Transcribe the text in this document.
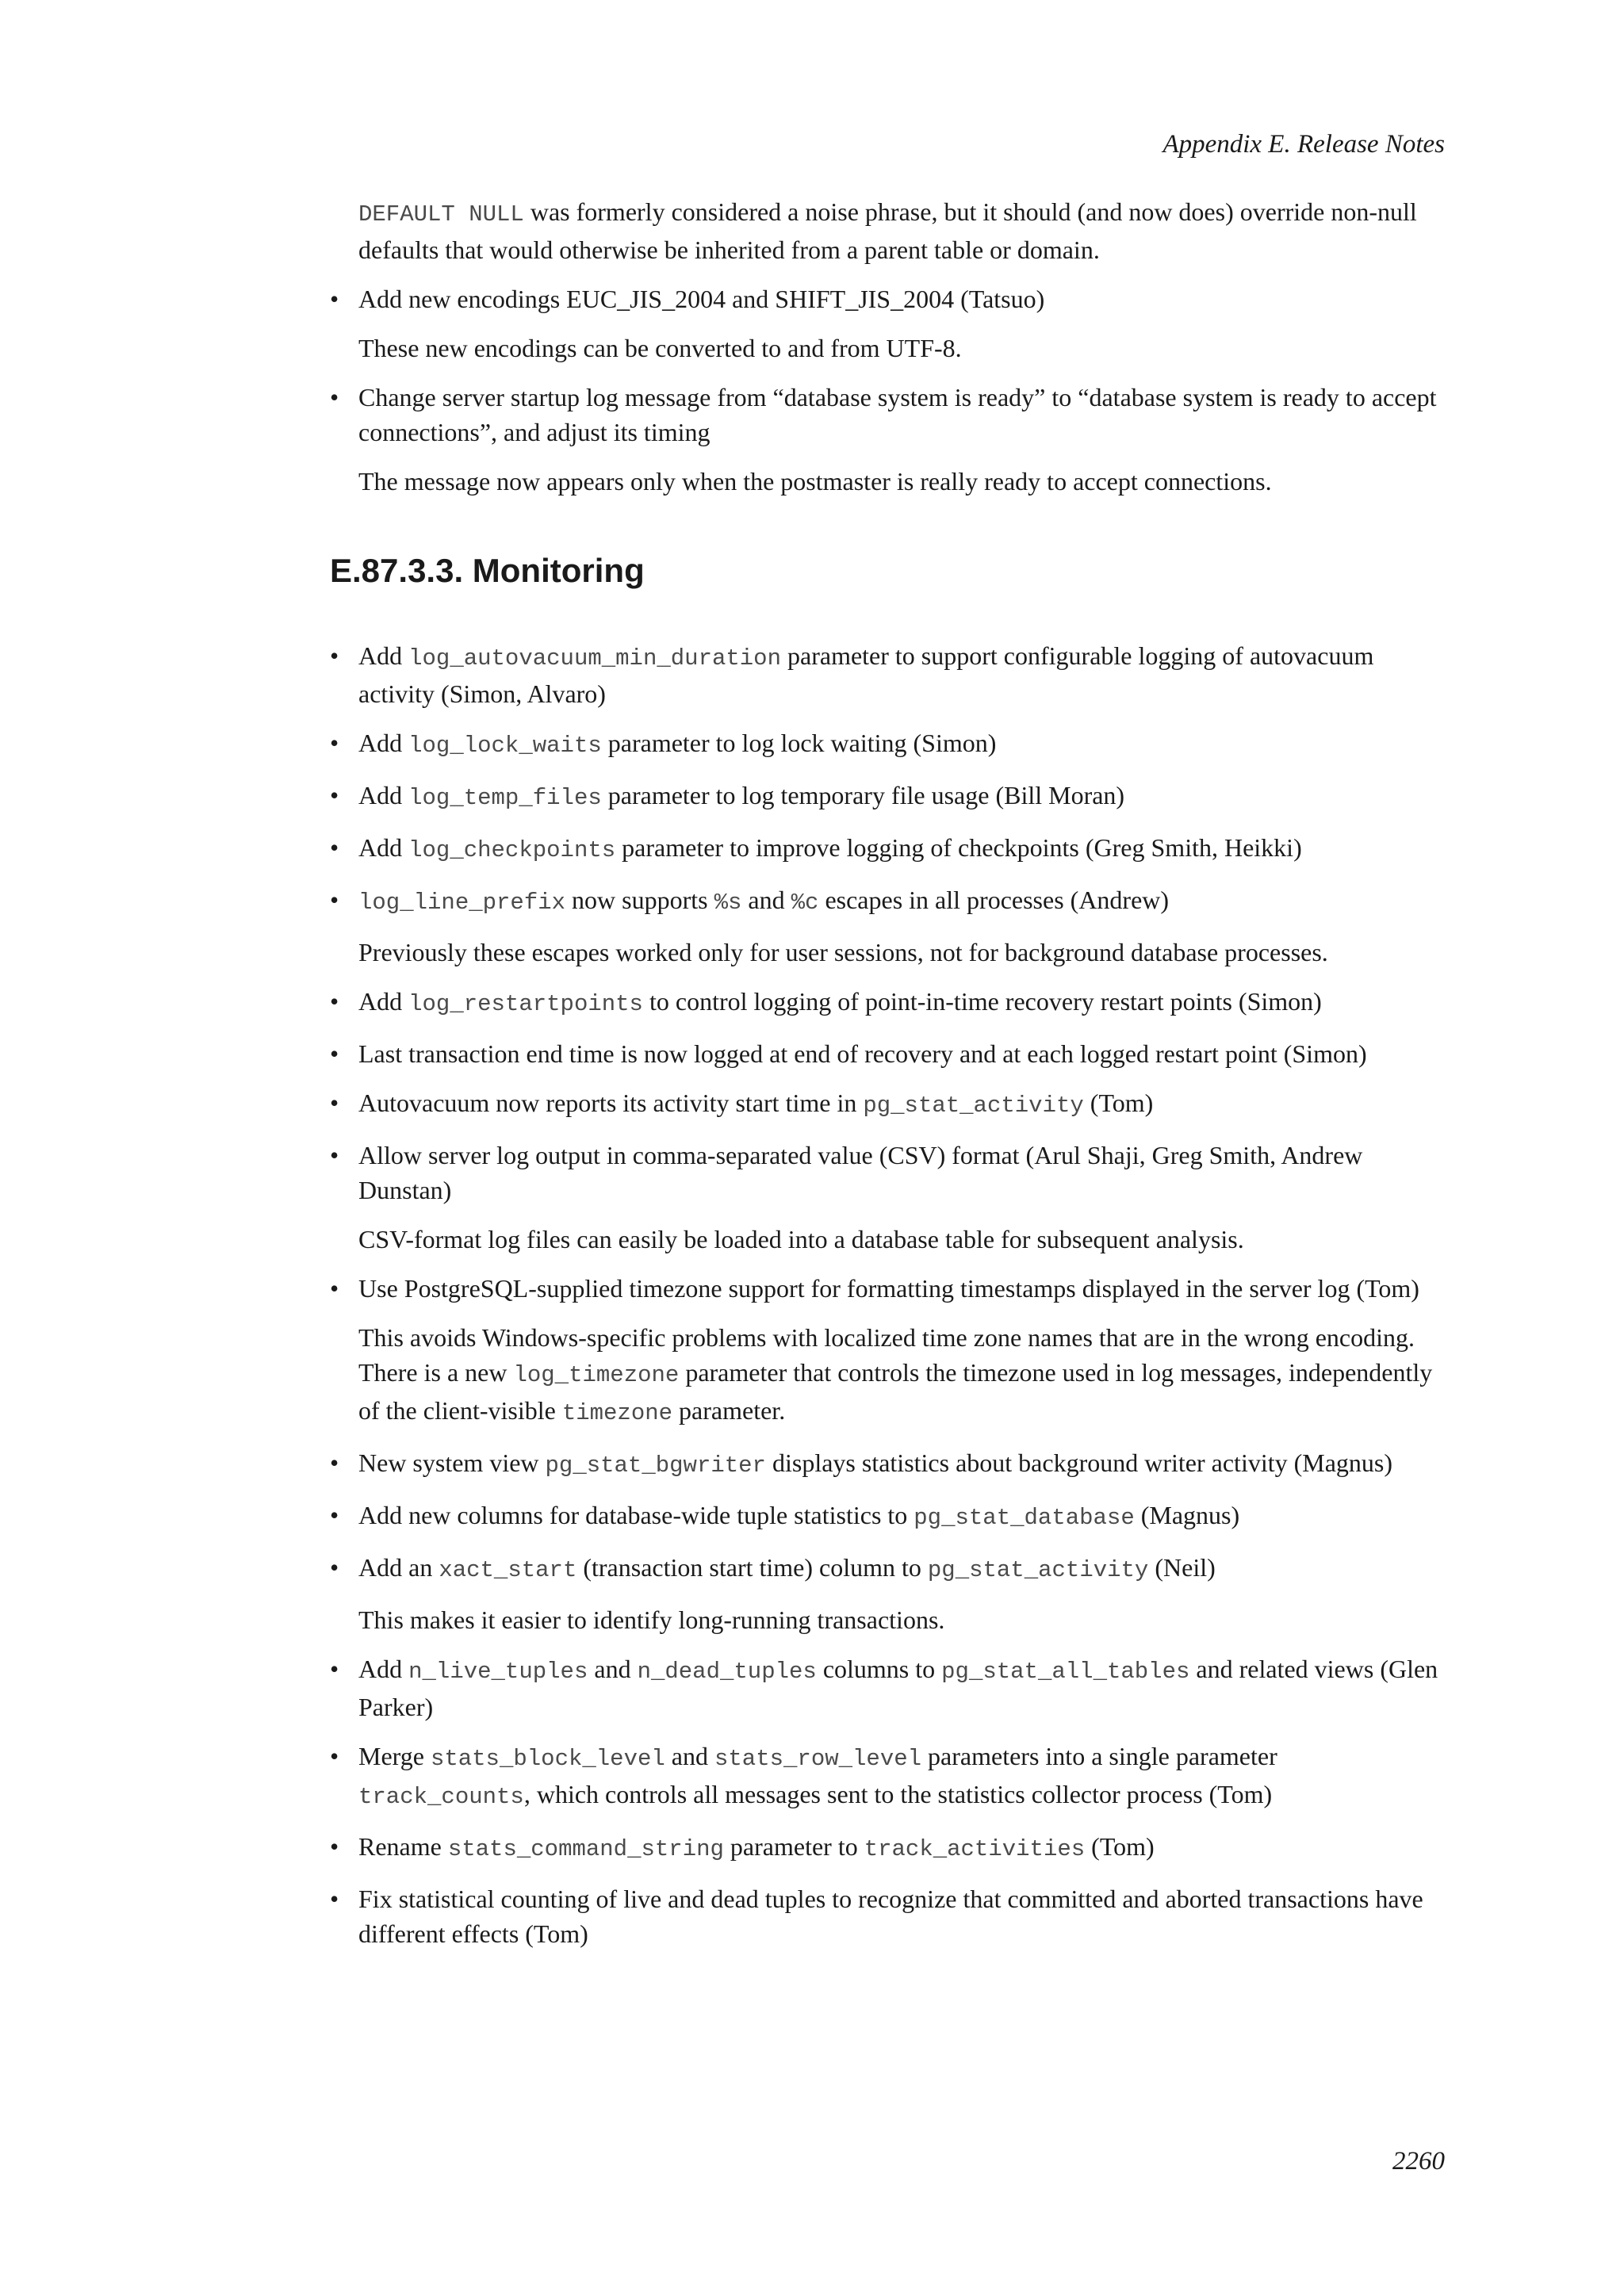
Appendix E. Release Notes

DEFAULT NULL was formerly considered a noise phrase, but it should (and now does) override non-null defaults that would otherwise be inherited from a parent table or domain.

• Add new encodings EUC_JIS_2004 and SHIFT_JIS_2004 (Tatsuo)

These new encodings can be converted to and from UTF-8.

• Change server startup log message from “database system is ready” to “database system is ready to accept connections”, and adjust its timing

The message now appears only when the postmaster is really ready to accept connections.

E.87.3.3. Monitoring
• Add log_autovacuum_min_duration parameter to support configurable logging of autovacuum activity (Simon, Alvaro)

• Add log_lock_waits parameter to log lock waiting (Simon)

• Add log_temp_files parameter to log temporary file usage (Bill Moran)

• Add log_checkpoints parameter to improve logging of checkpoints (Greg Smith, Heikki)

• log_line_prefix now supports %s and %c escapes in all processes (Andrew)

Previously these escapes worked only for user sessions, not for background database processes.

• Add log_restartpoints to control logging of point-in-time recovery restart points (Simon)

• Last transaction end time is now logged at end of recovery and at each logged restart point (Simon)

• Autovacuum now reports its activity start time in pg_stat_activity (Tom)

• Allow server log output in comma-separated value (CSV) format (Arul Shaji, Greg Smith, Andrew Dunstan)

CSV-format log files can easily be loaded into a database table for subsequent analysis.

• Use PostgreSQL-supplied timezone support for formatting timestamps displayed in the server log (Tom)

This avoids Windows-specific problems with localized time zone names that are in the wrong encoding. There is a new log_timezone parameter that controls the timezone used in log messages, independently of the client-visible timezone parameter.

• New system view pg_stat_bgwriter displays statistics about background writer activity (Magnus)

• Add new columns for database-wide tuple statistics to pg_stat_database (Magnus)

• Add an xact_start (transaction start time) column to pg_stat_activity (Neil)

This makes it easier to identify long-running transactions.

• Add n_live_tuples and n_dead_tuples columns to pg_stat_all_tables and related views (Glen Parker)

• Merge stats_block_level and stats_row_level parameters into a single parameter track_counts, which controls all messages sent to the statistics collector process (Tom)

• Rename stats_command_string parameter to track_activities (Tom)

• Fix statistical counting of live and dead tuples to recognize that committed and aborted transactions have different effects (Tom)

2260
